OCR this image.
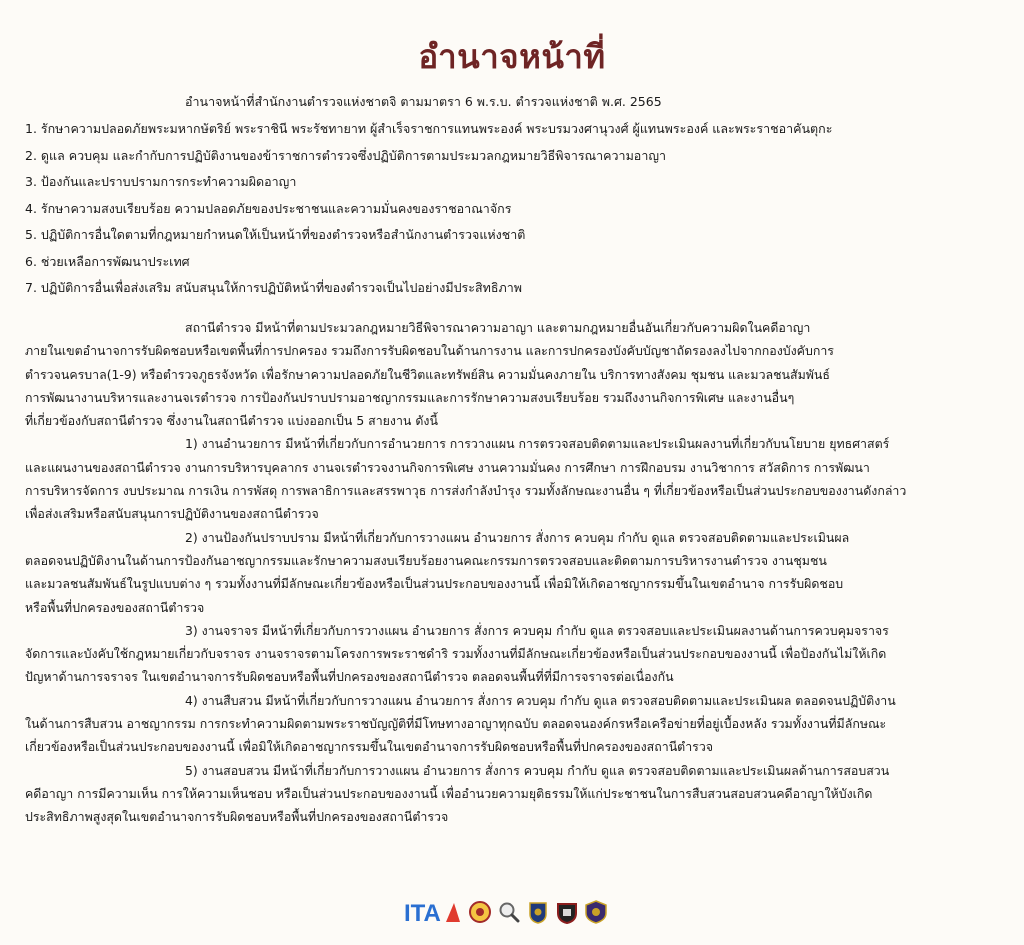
อำนาจหน้าที่
อำนาจหน้าที่สำนักงานตำรวจแห่งชาตจิ ตามมาตรา 6 พ.ร.บ. ตำรวจแห่งชาติ พ.ศ. 2565
1. รักษาความปลอดภัยพระมหากษัตริย์ พระราชินี พระรัชทายาท ผู้สำเร็จราชการแทนพระองค์ พระบรมวงศานุวงศ์ ผู้แทนพระองค์ และพระราชอาคันตุกะ
2. ดูแล ควบคุม และกำกับการปฏิบัติงานของข้าราชการตำรวจซึ่งปฏิบัติการตามประมวลกฎหมายวิธีพิจารณาความอาญา
3. ป้องกันและปราบปรามการกระทำความผิดอาญา
4. รักษาความสงบเรียบร้อย ความปลอดภัยของประชาชนและความมั่นคงของราชอาณาจักร
5. ปฏิบัติการอื่นใดตามที่กฎหมายกำหนดให้เป็นหน้าที่ของตำรวจหรือสำนักงานตำรวจแห่งชาติ
6. ช่วยเหลือการพัฒนาประเทศ
7. ปฏิบัติการอื่นเพื่อส่งเสริม สนับสนุนให้การปฏิบัติหน้าที่ของตำรวจเป็นไปอย่างมีประสิทธิภาพ
สถานีตำรวจ มีหน้าที่ตามประมวลกฎหมายวิธีพิจารณาความอาญา และตามกฎหมายอื่นอันเกี่ยวกับความผิดในคดีอาญา
ภายในเขตอำนาจการรับผิดชอบหรือเขตพื้นที่การปกครอง รวมถึงการรับผิดชอบในด้านการงาน และการปกครองบังคับบัญชาถัดรองลงไปจากกองบังคับการ
ตำรวจนครบาล(1-9) หรือตำรวจภูธรจังหวัด เพื่อรักษาความปลอดภัยในชีวิตและทรัพย์สิน ความมั่นคงภายใน บริการทางสังคม ชุมชน และมวลชนสัมพันธ์
การพัฒนางานบริหารและงานจเรตำรวจ การป้องกันปราบปรามอาชญากรรมและการรักษาความสงบเรียบร้อย รวมถึงงานกิจการพิเศษ และงานอื่นๆ
ที่เกี่ยวข้องกับสถานีตำรวจ ซึ่งงานในสถานีตำรวจ แบ่งออกเป็น 5 สายงาน ดังนี้
1) งานอำนวยการ มีหน้าที่เกี่ยวกับการอำนวยการ การวางแผน การตรวจสอบติดตามและประเมินผลงานที่เกี่ยวกับนโยบาย ยุทธศาสตร์
และแผนงานของสถานีตำรวจ งานการบริหารบุคลากร งานจเรตำรวจงานกิจการพิเศษ งานความมั่นคง การศึกษา การฝึกอบรม งานวิชาการ สวัสดิการ การพัฒนา
การบริหารจัดการ งบประมาณ การเงิน การพัสดุ การพลาธิการและสรรพาวุธ การส่งกำลังบำรุง รวมทั้งลักษณะงานอื่น ๆ ที่เกี่ยวข้องหรือเป็นส่วนประกอบของงานดังกล่าว
เพื่อส่งเสริมหรือสนับสนุนการปฏิบัติงานของสถานีตำรวจ
2) งานป้องกันปราบปราม มีหน้าที่เกี่ยวกับการวางแผน อำนวยการ สั่งการ ควบคุม กำกับ ดูแล ตรวจสอบติดตามและประเมินผล
ตลอดจนปฏิบัติงานในด้านการป้องกันอาชญากรรมและรักษาความสงบเรียบร้อยงานคณะกรรมการตรวจสอบและติดตามการบริหารงานตำรวจ งานชุมชน
และมวลชนสัมพันธ์ในรูปแบบต่าง ๆ รวมทั้งงานที่มีลักษณะเกี่ยวข้องหรือเป็นส่วนประกอบของงานนี้ เพื่อมิให้เกิดอาชญากรรมขึ้นในเขตอำนาจ การรับผิดชอบ
หรือพื้นที่ปกครองของสถานีตำรวจ
3) งานจราจร มีหน้าที่เกี่ยวกับการวางแผน อำนวยการ สั่งการ ควบคุม กำกับ ดูแล ตรวจสอบและประเมินผลงานด้านการควบคุมจราจร
จัดการและบังคับใช้กฎหมายเกี่ยวกับจราจร งานจราจรตามโครงการพระราชดำริ รวมทั้งงานที่มีลักษณะเกี่ยวข้องหรือเป็นส่วนประกอบของงานนี้ เพื่อป้องกันไม่ให้เกิด
ปัญหาด้านการจราจร ในเขตอำนาจการรับผิดชอบหรือพื้นที่ปกครองของสถานีตำรวจ ตลอดจนพื้นที่ที่มีการจราจรต่อเนื่องกัน
4) งานสืบสวน มีหน้าที่เกี่ยวกับการวางแผน อำนวยการ สั่งการ ควบคุม กำกับ ดูแล ตรวจสอบติดตามและประเมินผล ตลอดจนปฏิบัติงาน
ในด้านการสืบสวน อาชญากรรม การกระทำความผิดตามพระราชบัญญัติที่มีโทษทางอาญาทุกฉบับ ตลอดจนองค์กรหรือเครือข่ายที่อยู่เบื้องหลัง รวมทั้งงานที่มีลักษณะ
เกี่ยวข้องหรือเป็นส่วนประกอบของงานนี้ เพื่อมิให้เกิดอาชญากรรมขึ้นในเขตอำนาจการรับผิดชอบหรือพื้นที่ปกครองของสถานีตำรวจ
5) งานสอบสวน มีหน้าที่เกี่ยวกับการวางแผน อำนวยการ สั่งการ ควบคุม กำกับ ดูแล ตรวจสอบติดตามและประเมินผลด้านการสอบสวน
คดีอาญา การมีความเห็น การให้ความเห็นชอบ หรือเป็นส่วนประกอบของงานนี้ เพื่ออำนวยความยุติธรรมให้แก่ประชาชนในการสืบสวนสอบสวนคดีอาญาให้บังเกิด
ประสิทธิภาพสูงสุดในเขตอำนาจการรับผิดชอบหรือพื้นที่ปกครองของสถานีตำรวจ
ITA
